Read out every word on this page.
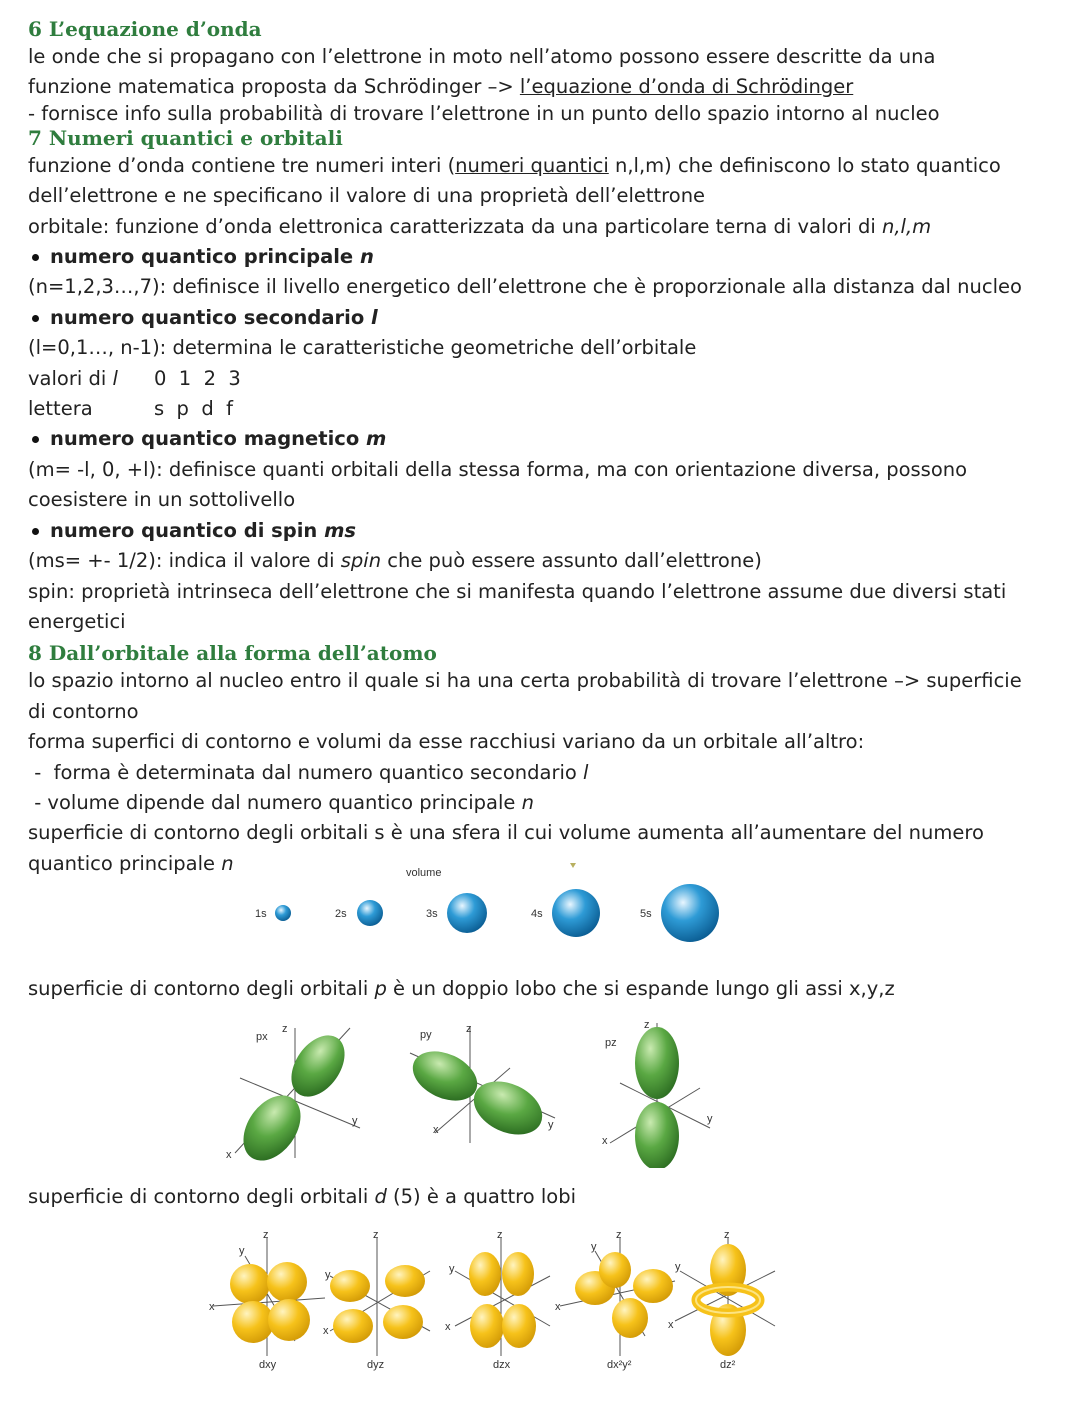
6 L’equazione d’onda

le onde che si propagano con l’elettrone in moto nell’atomo possono essere descritte da una

funzione matematica proposta da Schrödinger –> l’equazione d’onda di Schrödinger

- fornisce info sulla probabilità di trovare l’elettrone in un punto dello spazio intorno al nucleo

7 Numeri quantici e orbitali

funzione d’onda contiene tre numeri interi (numeri quantici n,l,m) che definiscono lo stato quantico

dell’elettrone e ne specificano il valore di una proprietà dell’elettrone

orbitale: funzione d’onda elettronica caratterizzata da una particolare terna di valori di n,l,m

numero quantico principale n

(n=1,2,3…,7): definisce il livello energetico dell’elettrone che è proporzionale alla distanza dal nucleo

numero quantico secondario l

(l=0,1…, n-1): determina le caratteristiche geometriche dell’orbitale

valori di l	0  1  2  3
lettera	s  p  d  f

numero quantico magnetico m

(m= -l, 0, +l): definisce quanti orbitali della stessa forma, ma con orientazione diversa, possono

coesistere in un sottolivello

numero quantico di spin ms

(ms= +- 1/2): indica il valore di spin che può essere assunto dall’elettrone)

spin: proprietà intrinseca dell’elettrone che si manifesta quando l’elettrone assume due diversi stati

energetici

8 Dall’orbitale alla forma dell’atomo

lo spazio intorno al nucleo entro il quale si ha una certa probabilità di trovare l’elettrone –> superficie

di contorno

forma superfici di contorno e volumi da esse racchiusi variano da un orbitale all’altro:

-  forma è determinata dal numero quantico secondario l

- volume dipende dal numero quantico principale n

superficie di contorno degli orbitali s è una sfera il cui volume aumenta all’aumentare del numero

quantico principale n	volume
1s	2s	3s	4s	5s

superficie di contorno degli orbitali p è un doppio lobo che si espande lungo gli assi x,y,z

px
z
y
x
py	z
y
x
pz
z
y
x

superficie di contorno degli orbitali d (5) è a quattro lobi

z
y
x
dxy
z
y
x
dyz
z
y
x
dzx
z
y
x
dx²y²
z
y
x
dz²
